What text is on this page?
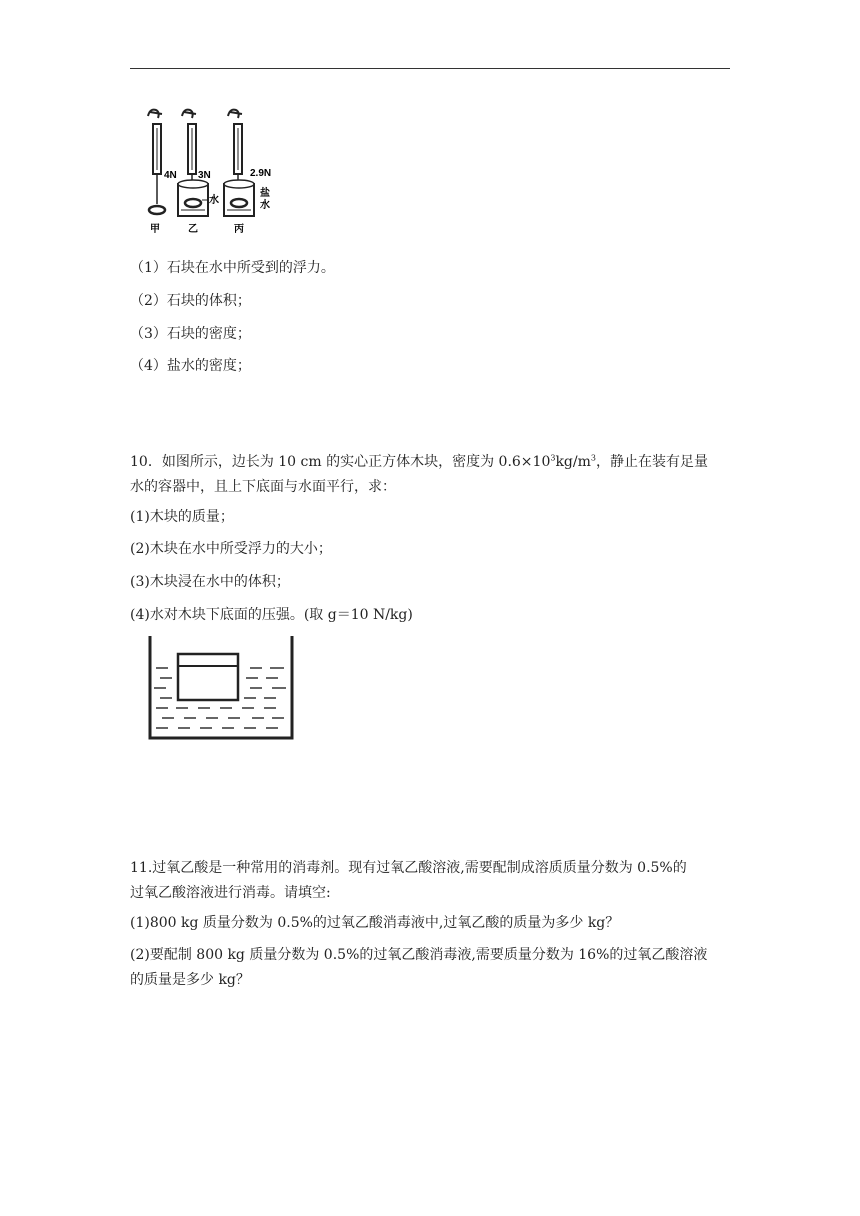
4N 3N
水
2.9N
盐
水
甲	乙	丙
（1）石块在水中所受到的浮力。
（2）石块的体积；
（3）石块的密度；
（4）盐水的密度；
10．如图所示，边长为 10 cm 的实心正方体木块，密度为 $0.6\times 10^3kg/m^3$，静止在装有足量
水的容器中，且上下底面与水面平行，求：
(1)木块的质量；
(2)木块在水中所受浮力的大小；
(3)木块浸在水中的体积；
(4)水对木块下底面的压强。(取 g＝10 N/kg)
11.过氧乙酸是一种常用的消毒剂。现有过氧乙酸溶液,需要配制成溶质质量分数为 0.5%的
过氧乙酸溶液进行消毒。请填空:
(1)800 kg 质量分数为 0.5%的过氧乙酸消毒液中,过氧乙酸的质量为多少 kg？
(2)要配制 800 kg 质量分数为 0.5%的过氧乙酸消毒液,需要质量分数为 16%的过氧乙酸溶液
的质量是多少 kg？
